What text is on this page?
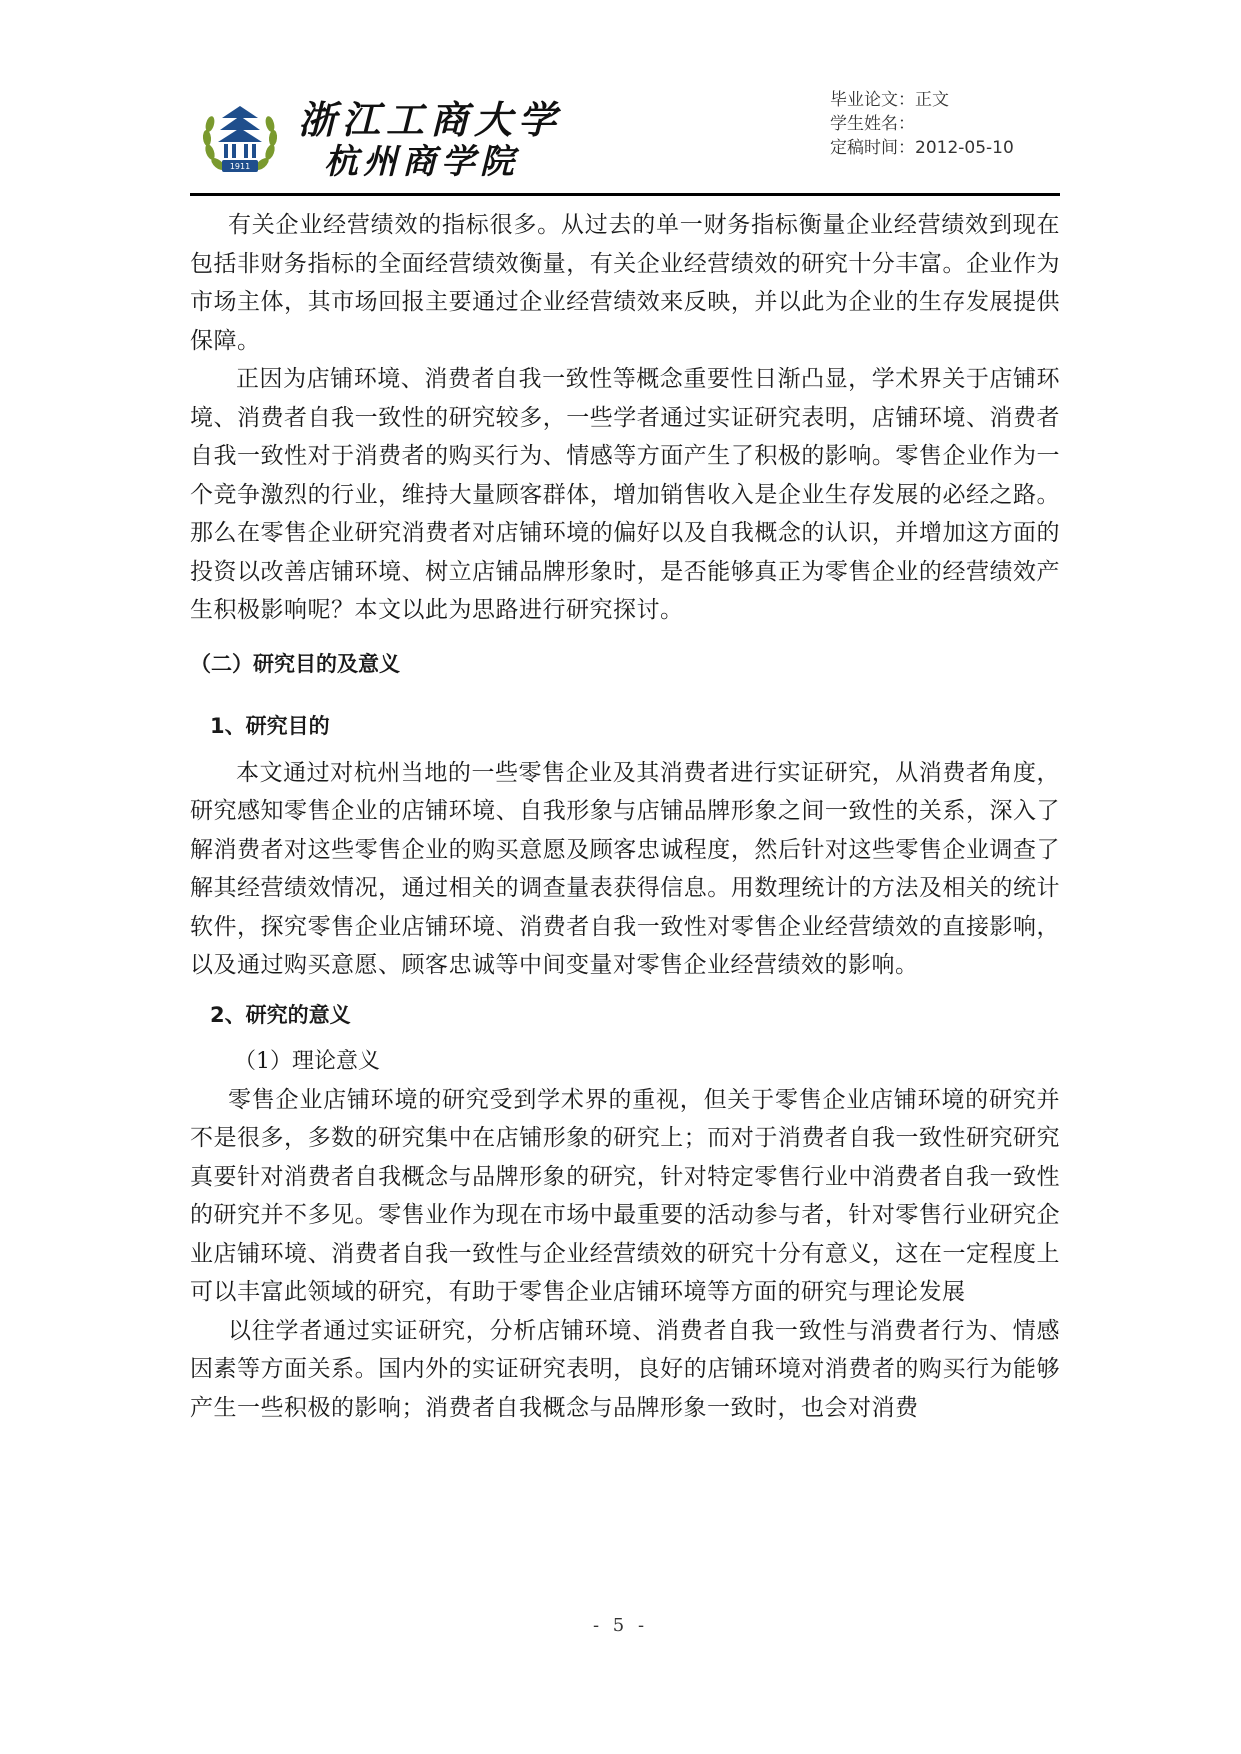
1911
浙江工商大学
杭州商学院
毕业论文：正文
学生姓名：
定稿时间：2012-05-10

有关企业经营绩效的指标很多。从过去的单一财务指标衡量企业经营绩效到现在包括非财务指标的全面经营绩效衡量，有关企业经营绩效的研究十分丰富。企业作为市场主体，其市场回报主要通过企业经营绩效来反映，并以此为企业的生存发展提供保障。

正因为店铺环境、消费者自我一致性等概念重要性日渐凸显，学术界关于店铺环境、消费者自我一致性的研究较多，一些学者通过实证研究表明，店铺环境、消费者自我一致性对于消费者的购买行为、情感等方面产生了积极的影响。零售企业作为一个竞争激烈的行业，维持大量顾客群体，增加销售收入是企业生存发展的必经之路。那么在零售企业研究消费者对店铺环境的偏好以及自我概念的认识，并增加这方面的投资以改善店铺环境、树立店铺品牌形象时，是否能够真正为零售企业的经营绩效产生积极影响呢？本文以此为思路进行研究探讨。

（二）研究目的及意义
1、研究目的

本文通过对杭州当地的一些零售企业及其消费者进行实证研究，从消费者角度，研究感知零售企业的店铺环境、自我形象与店铺品牌形象之间一致性的关系，深入了解消费者对这些零售企业的购买意愿及顾客忠诚程度，然后针对这些零售企业调查了解其经营绩效情况，通过相关的调查量表获得信息。用数理统计的方法及相关的统计软件，探究零售企业店铺环境、消费者自我一致性对零售企业经营绩效的直接影响，以及通过购买意愿、顾客忠诚等中间变量对零售企业经营绩效的影响。

2、研究的意义

（1）理论意义

零售企业店铺环境的研究受到学术界的重视，但关于零售企业店铺环境的研究并不是很多，多数的研究集中在店铺形象的研究上；而对于消费者自我一致性研究研究真要针对消费者自我概念与品牌形象的研究，针对特定零售行业中消费者自我一致性的研究并不多见。零售业作为现在市场中最重要的活动参与者，针对零售行业研究企业店铺环境、消费者自我一致性与企业经营绩效的研究十分有意义，这在一定程度上可以丰富此领域的研究，有助于零售企业店铺环境等方面的研究与理论发展

以往学者通过实证研究，分析店铺环境、消费者自我一致性与消费者行为、情感因素等方面关系。国内外的实证研究表明，良好的店铺环境对消费者的购买行为能够产生一些积极的影响；消费者自我概念与品牌形象一致时，也会对消费

- 5 -
